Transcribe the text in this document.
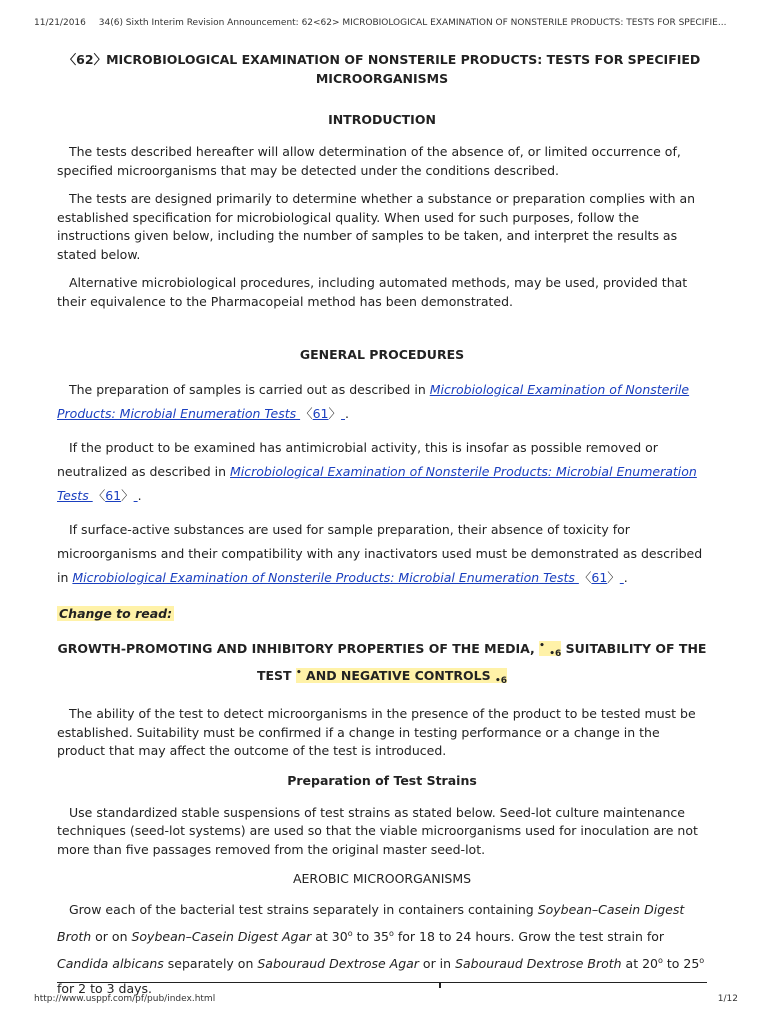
11/21/2016 34(6) Sixth Interim Revision Announcement: 62<62> MICROBIOLOGICAL EXAMINATION OF NONSTERILE PRODUCTS: TESTS FOR SPECIFIE...
〈62〉MICROBIOLOGICAL EXAMINATION OF NONSTERILE PRODUCTS: TESTS FOR SPECIFIED
MICROORGANISMS
INTRODUCTION

The tests described hereafter will allow determination of the absence of, or limited occurrence of, specified microorganisms that may be detected under the conditions described.

The tests are designed primarily to determine whether a substance or preparation complies with an established specification for microbiological quality. When used for such purposes, follow the instructions given below, including the number of samples to be taken, and interpret the results as stated below.

Alternative microbiological procedures, including automated methods, may be used, provided that their equivalence to the Pharmacopeial method has been demonstrated.

GENERAL PROCEDURES

The preparation of samples is carried out as described in Microbiological Examination of Nonsterile Products: Microbial Enumeration Tests 〈61〉 .

If the product to be examined has antimicrobial activity, this is insofar as possible removed or neutralized as described in Microbiological Examination of Nonsterile Products: Microbial Enumeration Tests 〈61〉 .

If surface-active substances are used for sample preparation, their absence of toxicity for microorganisms and their compatibility with any inactivators used must be demonstrated as described in Microbiological Examination of Nonsterile Products: Microbial Enumeration Tests 〈61〉 .

Change to read:
GROWTH-PROMOTING AND INHIBITORY PROPERTIES OF THE MEDIA, • $_{•6}$ SUITABILITY OF THE
TEST • AND NEGATIVE CONTROLS $_{•6}$

The ability of the test to detect microorganisms in the presence of the product to be tested must be established. Suitability must be confirmed if a change in testing performance or a change in the product that may affect the outcome of the test is introduced.

Preparation of Test Strains

Use standardized stable suspensions of test strains as stated below. Seed-lot culture maintenance techniques (seed-lot systems) are used so that the viable microorganisms used for inoculation are not more than five passages removed from the original master seed-lot.

AEROBIC MICROORGANISMS

Grow each of the bacterial test strains separately in containers containing Soybean–Casein Digest Broth or on Soybean–Casein Digest Agar at 30$^o$ to 35$^o$ for 18 to 24 hours. Grow the test strain for Candida albicans separately on Sabouraud Dextrose Agar or in Sabouraud Dextrose Broth at 20$^o$ to 25$^o$ for 2 to 3 days.

http://www.usppf.com/pf/pub/index.html	1/12
